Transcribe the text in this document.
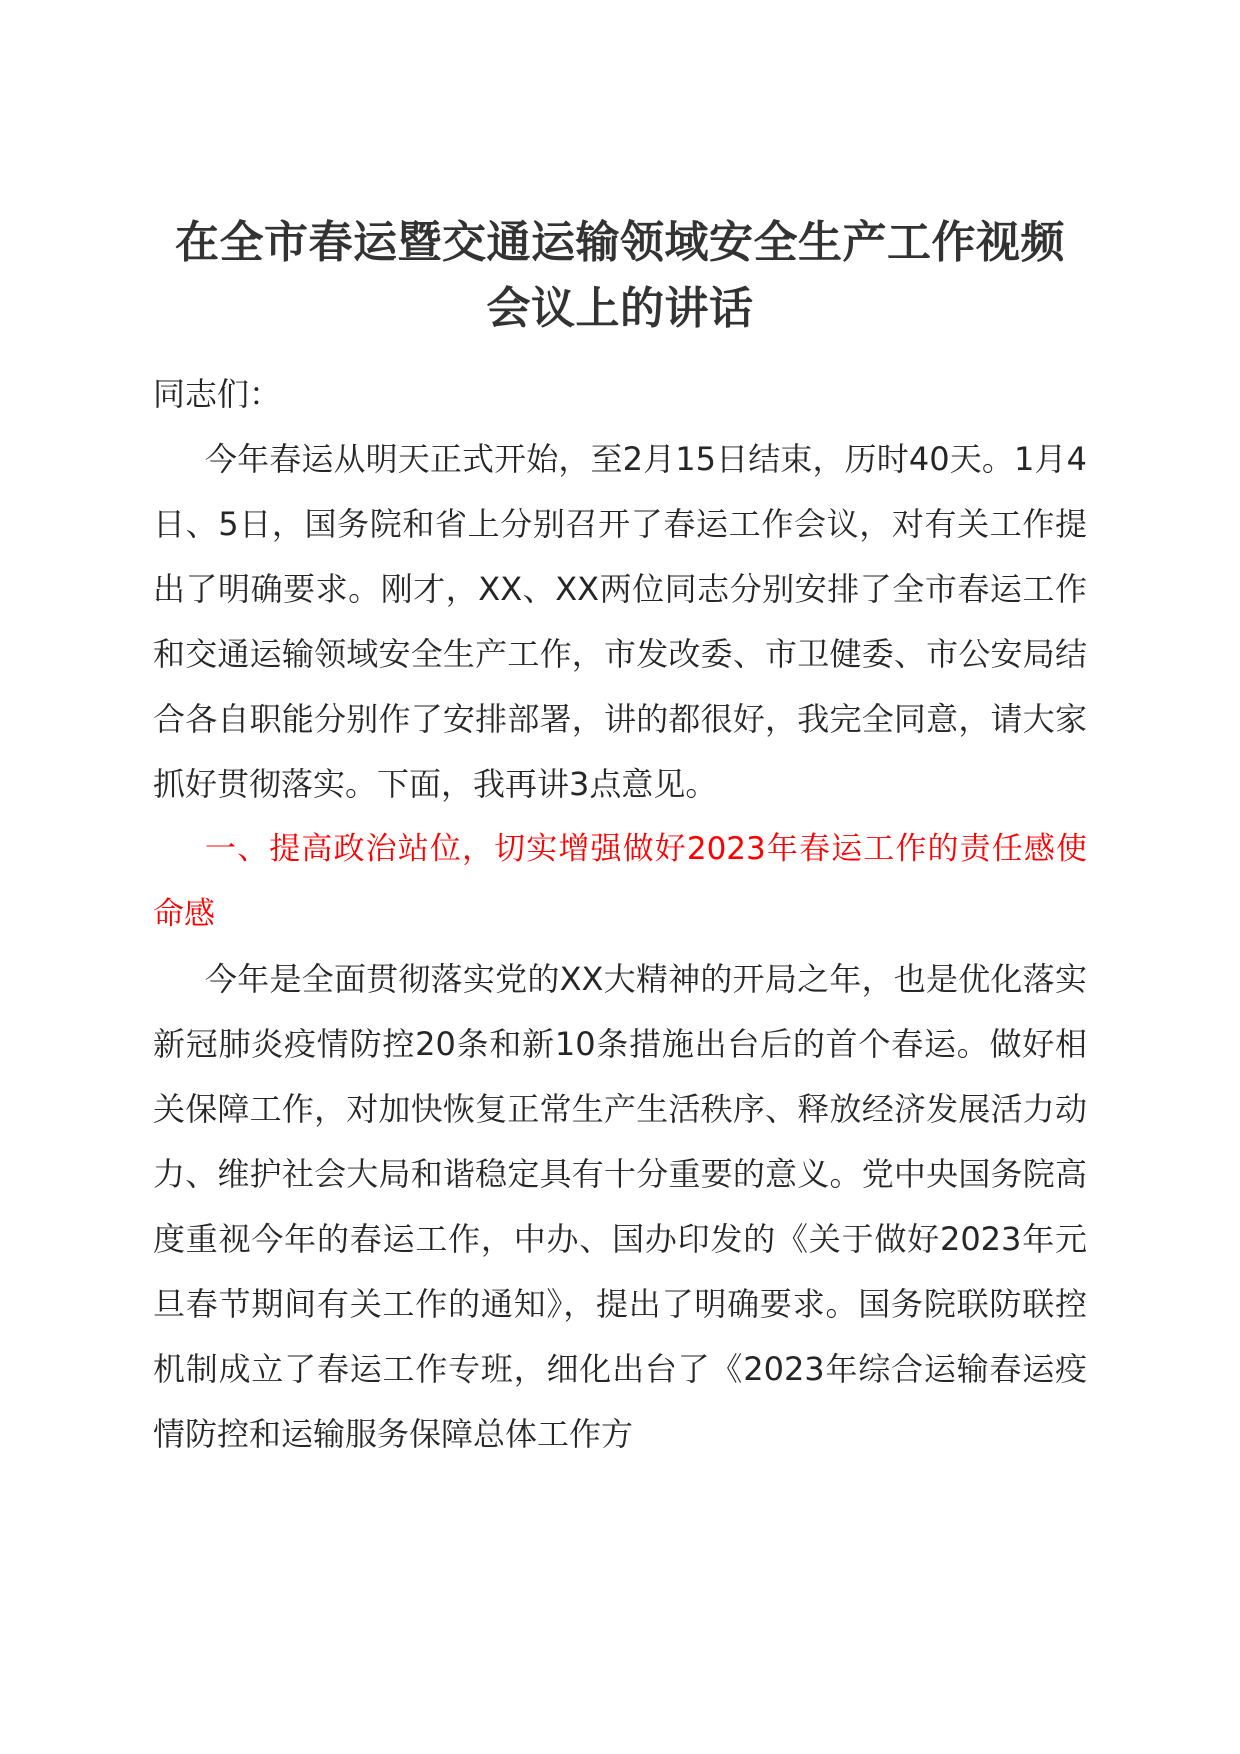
在全市春运暨交通运输领域安全生产工作视频
会议上的讲话

同志们：

今年春运从明天正式开始，至2月15日结束，历时40天。1月4日、5日，国务院和省上分别召开了春运工作会议，对有关工作提出了明确要求。刚才，XX、XX两位同志分别安排了全市春运工作和交通运输领域安全生产工作，市发改委、市卫健委、市公安局结合各自职能分别作了安排部署，讲的都很好，我完全同意，请大家抓好贯彻落实。下面，我再讲3点意见。

一、提高政治站位，切实增强做好2023年春运工作的责任感使命感

今年是全面贯彻落实党的XX大精神的开局之年，也是优化落实新冠肺炎疫情防控20条和新10条措施出台后的首个春运。做好相关保障工作，对加快恢复正常生产生活秩序、释放经济发展活力动力、维护社会大局和谐稳定具有十分重要的意义。党中央国务院高度重视今年的春运工作，中办、国办印发的《关于做好2023年元旦春节期间有关工作的通知》，提出了明确要求。国务院联防联控机制成立了春运工作专班，细化出台了《2023年综合运输春运疫情防控和运输服务保障总体工作方
